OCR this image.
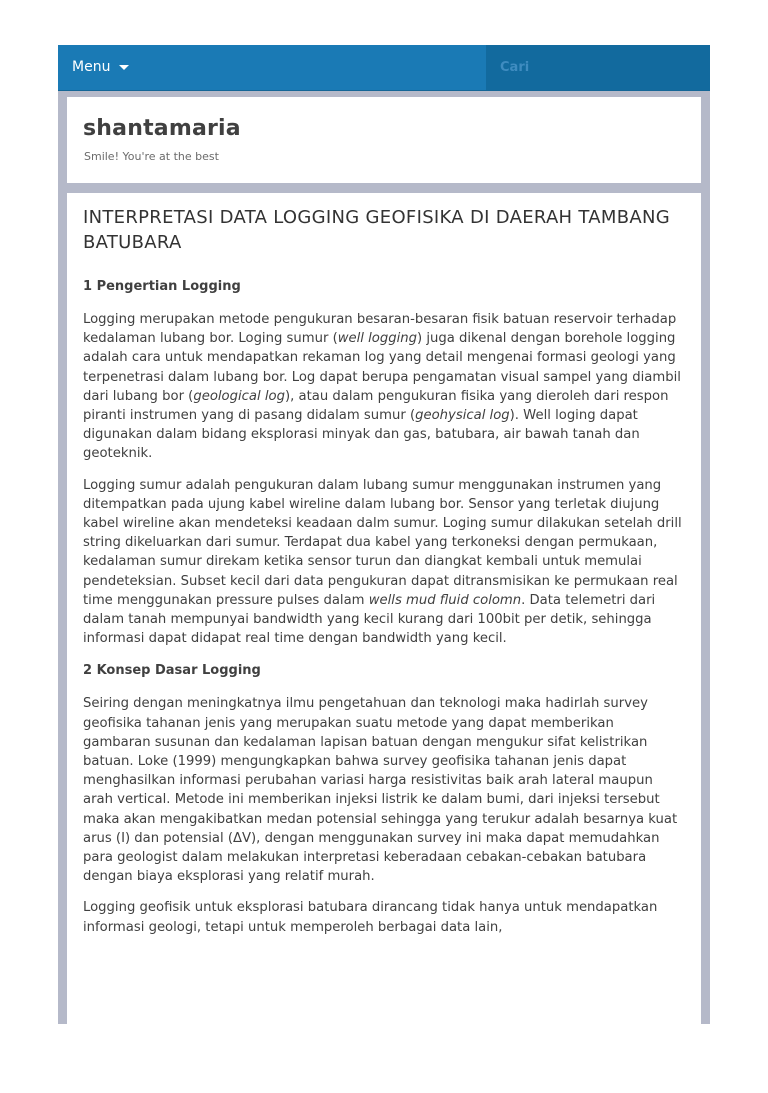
Menu
Cari
shantamaria
Smile! You're at the best
INTERPRETASI DATA LOGGING GEOFISIKA DI DAERAH TAMBANG BATUBARA
1 Pengertian Logging

Logging merupakan metode pengukuran besaran-besaran fisik batuan reservoir terhadap kedalaman lubang bor. Loging sumur (well logging) juga dikenal dengan borehole logging adalah cara untuk mendapatkan rekaman log yang detail mengenai formasi geologi yang terpenetrasi dalam lubang bor. Log dapat berupa pengamatan visual sampel yang diambil dari lubang bor (geological log), atau dalam pengukuran fisika yang dieroleh dari respon piranti instrumen yang di pasang didalam sumur (geohysical log). Well loging dapat digunakan dalam bidang eksplorasi minyak dan gas, batubara, air bawah tanah dan geoteknik.

Logging sumur adalah pengukuran dalam lubang sumur menggunakan instrumen yang ditempatkan pada ujung kabel wireline dalam lubang bor. Sensor yang terletak diujung kabel wireline akan mendeteksi keadaan dalm sumur. Loging sumur dilakukan setelah drill string dikeluarkan dari sumur. Terdapat dua kabel yang terkoneksi dengan permukaan, kedalaman sumur direkam ketika sensor turun dan diangkat kembali untuk memulai pendeteksian. Subset kecil dari data pengukuran dapat ditransmisikan ke permukaan real time menggunakan pressure pulses dalam wells mud fluid colomn. Data telemetri dari dalam tanah mempunyai bandwidth yang kecil kurang dari 100bit per detik, sehingga informasi dapat didapat real time dengan bandwidth yang kecil.

2 Konsep Dasar Logging

Seiring dengan meningkatnya ilmu pengetahuan dan teknologi maka hadirlah survey geofisika tahanan jenis yang merupakan suatu metode yang dapat memberikan gambaran susunan dan kedalaman lapisan batuan dengan mengukur sifat kelistrikan batuan. Loke (1999) mengungkapkan bahwa survey geofisika tahanan jenis dapat menghasilkan informasi perubahan variasi harga resistivitas baik arah lateral maupun arah vertical. Metode ini memberikan injeksi listrik ke dalam bumi, dari injeksi tersebut maka akan mengakibatkan medan potensial sehingga yang terukur adalah besarnya kuat arus (I) dan potensial (ΔV), dengan menggunakan survey ini maka dapat memudahkan para geologist dalam melakukan interpretasi keberadaan cebakan-cebakan batubara dengan biaya eksplorasi yang relatif murah.

Logging geofisik untuk eksplorasi batubara dirancang tidak hanya untuk mendapatkan informasi geologi, tetapi untuk memperoleh berbagai data lain,
